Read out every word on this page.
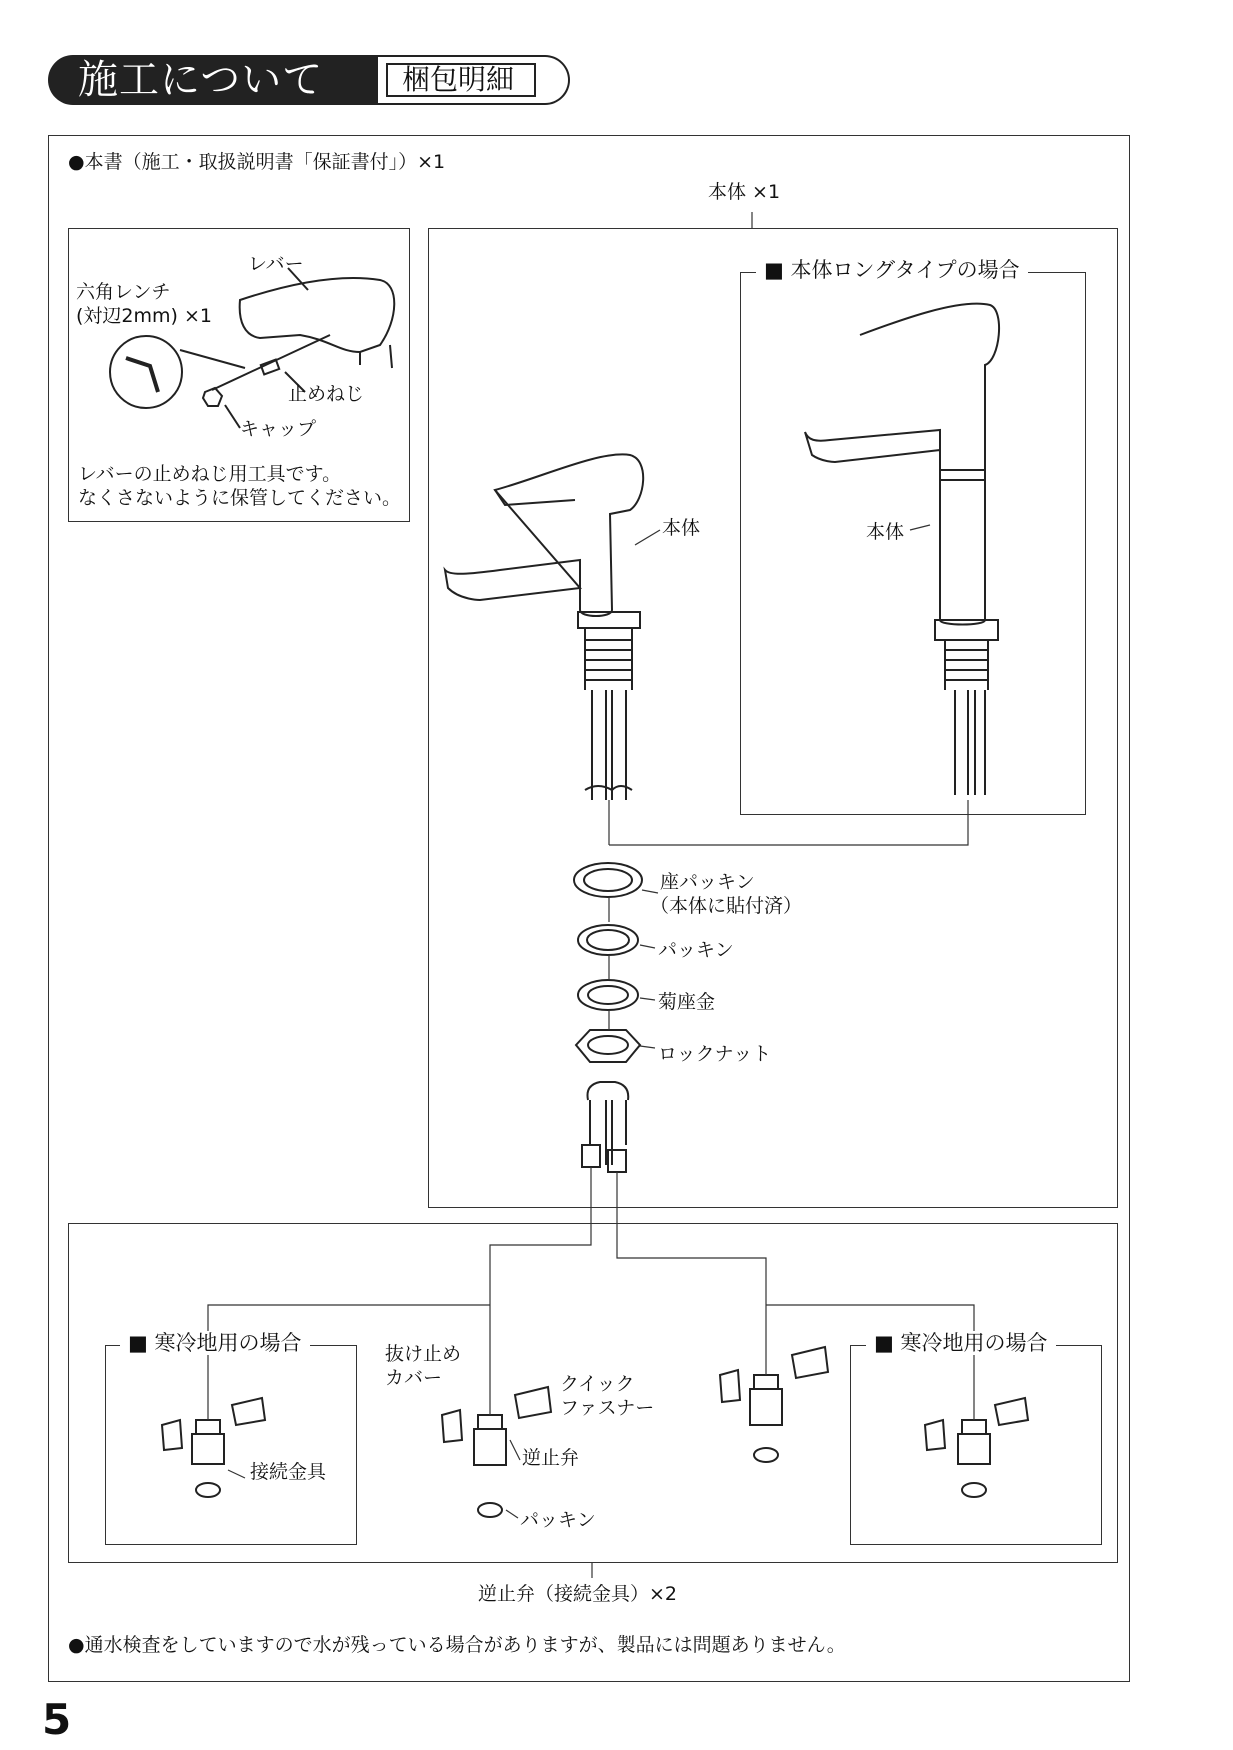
施工について	梱包明細
●本書（施工・取扱説明書「保証書付」）×1
レバー
六角レンチ
(対辺2mm) ×1
止めねじ
キャップ
レバーの止めねじ用工具です。
なくさないように保管してください。
本体 ×1
■ 本体ロングタイプの場合
本体	本体
座パッキン
（本体に貼付済）
パッキン
菊座金
ロックナット
■ 寒冷地用の場合	■ 寒冷地用の場合
接続金具
抜け止め
カバー	クイック
ファスナー
逆止弁
パッキン
逆止弁（接続金具）×2
●通水検査をしていますので水が残っている場合がありますが、製品には問題ありません。
5
